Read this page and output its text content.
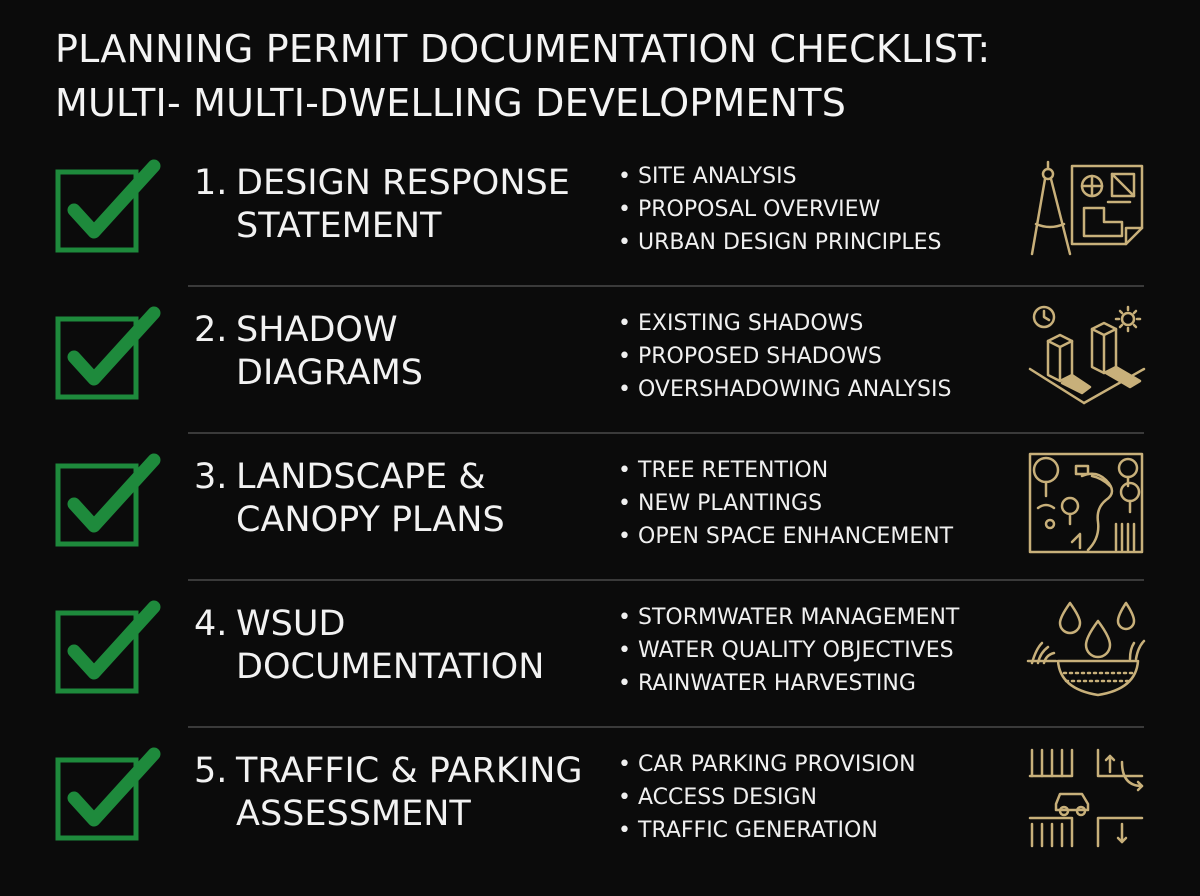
PLANNING PERMIT DOCUMENTATION CHECKLIST:
MULTI- MULTI-DWELLING DEVELOPMENTS
1. DESIGN RESPONSE
STATEMENT
• SITE ANALYSIS
• PROPOSAL OVERVIEW
• URBAN DESIGN PRINCIPLES
2. SHADOW
DIAGRAMS
• EXISTING SHADOWS
• PROPOSED SHADOWS
• OVERSHADOWING ANALYSIS
3. LANDSCAPE &
CANOPY PLANS
• TREE RETENTION
• NEW PLANTINGS
• OPEN SPACE ENHANCEMENT
4. WSUD
DOCUMENTATION
• STORMWATER MANAGEMENT
• WATER QUALITY OBJECTIVES
• RAINWATER HARVESTING
5. TRAFFIC & PARKING
ASSESSMENT
• CAR PARKING PROVISION
• ACCESS DESIGN
• TRAFFIC GENERATION
